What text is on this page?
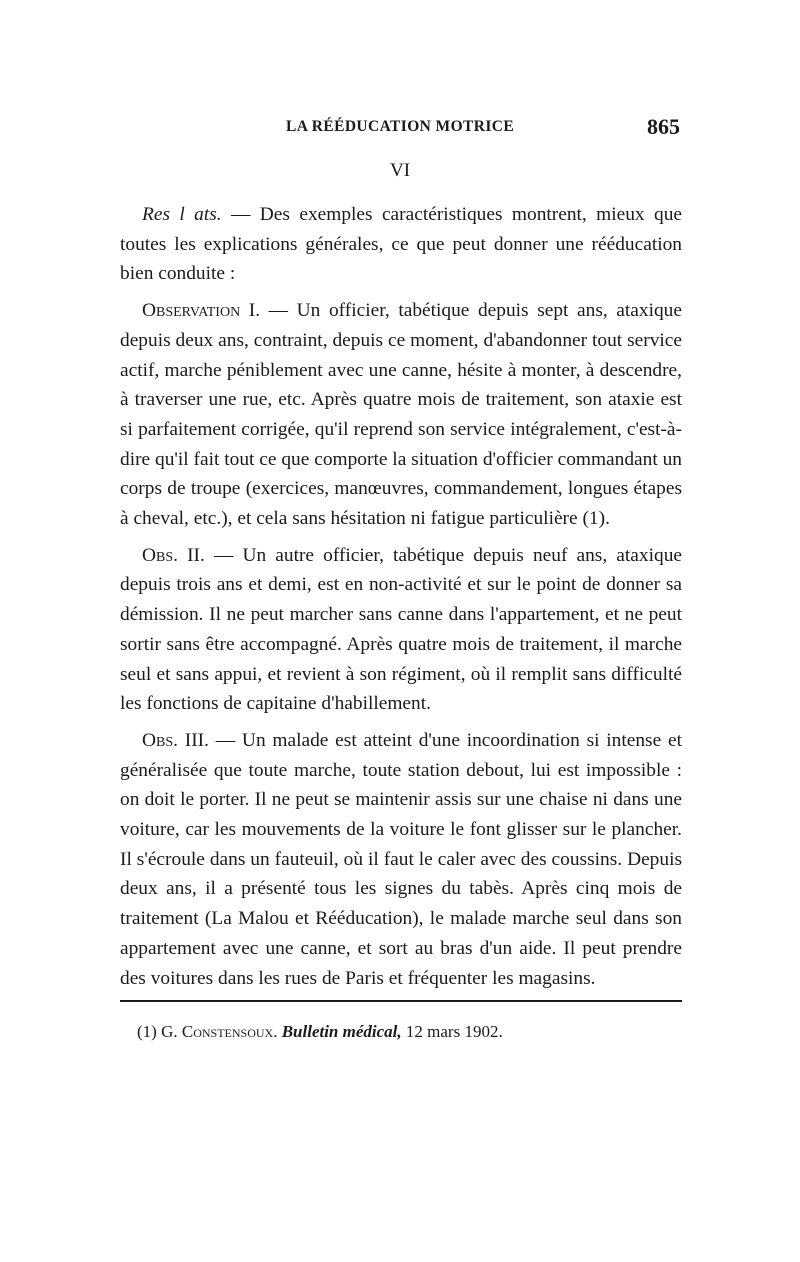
LA RÉÉDUCATION MOTRICE	865
VI

Res l ats. — Des exemples caractéristiques montrent, mieux que toutes les explications générales, ce que peut donner une rééducation bien conduite :

Observation I. — Un officier, tabétique depuis sept ans, ataxique depuis deux ans, contraint, depuis ce moment, d'abandonner tout service actif, marche péniblement avec une canne, hésite à monter, à descendre, à traverser une rue, etc. Après quatre mois de traitement, son ataxie est si parfaitement corrigée, qu'il reprend son service intégralement, c'est-à-dire qu'il fait tout ce que comporte la situation d'officier commandant un corps de troupe (exercices, manœuvres, commandement, longues étapes à cheval, etc.), et cela sans hésitation ni fatigue particulière (1).

Obs. II. — Un autre officier, tabétique depuis neuf ans, ataxique depuis trois ans et demi, est en non-activité et sur le point de donner sa démission. Il ne peut marcher sans canne dans l'appartement, et ne peut sortir sans être accompagné. Après quatre mois de traitement, il marche seul et sans appui, et revient à son régiment, où il remplit sans difficulté les fonctions de capitaine d'habillement.

Obs. III. — Un malade est atteint d'une incoordination si intense et généralisée que toute marche, toute station debout, lui est impossible : on doit le porter. Il ne peut se maintenir assis sur une chaise ni dans une voiture, car les mouvements de la voiture le font glisser sur le plancher. Il s'écroule dans un fauteuil, où il faut le caler avec des coussins. Depuis deux ans, il a présenté tous les signes du tabès. Après cinq mois de traitement (La Malou et Rééducation), le malade marche seul dans son appartement avec une canne, et sort au bras d'un aide. Il peut prendre des voitures dans les rues de Paris et fréquenter les magasins.

(1) G. Constensoux. Bulletin médical, 12 mars 1902.
